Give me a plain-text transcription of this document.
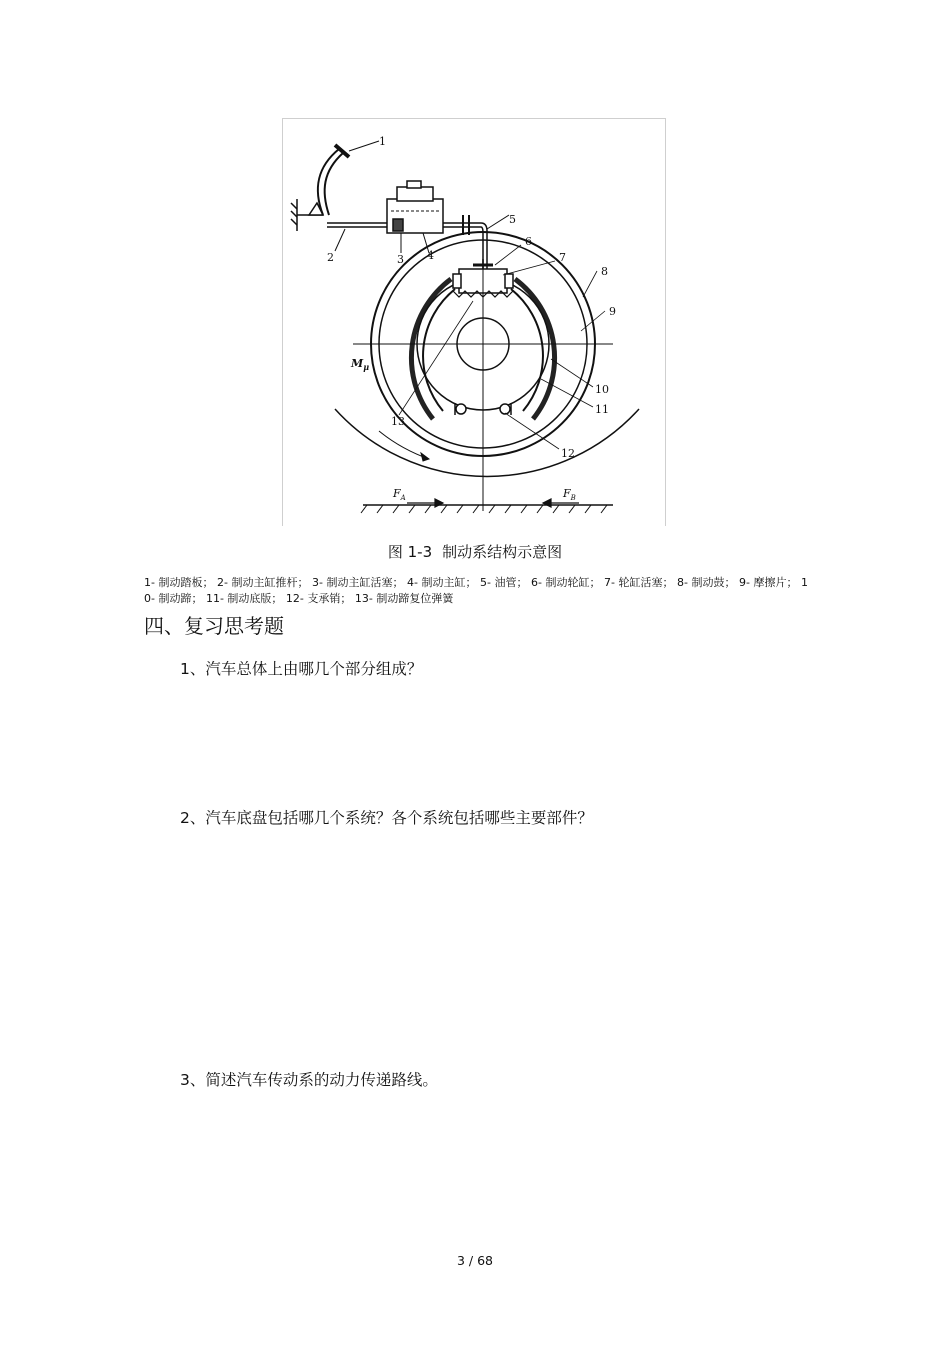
1
2	3 4
5
6
7
8
9
10
11
12
13
$M_\mu$
$F_A$	$F_B$
图 1-3 制动系结构示意图
1- 制动踏板； 2- 制动主缸推杆； 3- 制动主缸活塞； 4- 制动主缸； 5- 油管； 6- 制动轮缸； 7- 轮缸活塞； 8- 制动鼓； 9- 摩擦片； 10- 制动蹄； 11- 制动底版； 12- 支承销； 13- 制动蹄复位弹簧
四、复习思考题
1、汽车总体上由哪几个部分组成？
2、汽车底盘包括哪几个系统？各个系统包括哪些主要部件？
3、简述汽车传动系的动力传递路线。
3 / 68
